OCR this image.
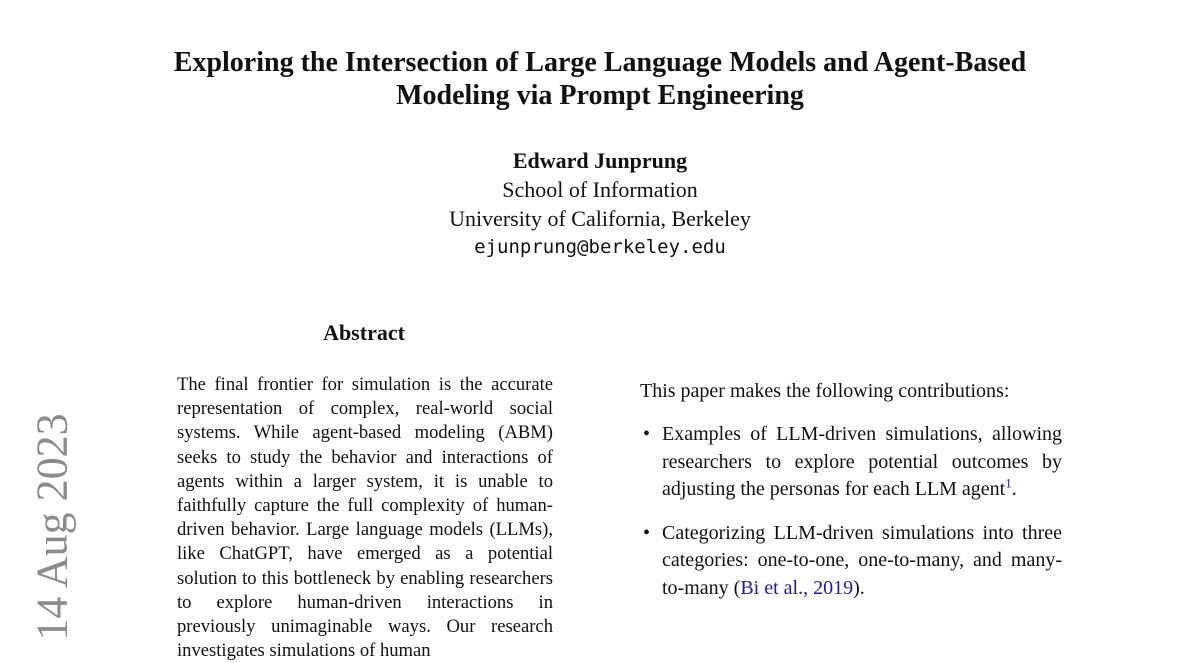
Exploring the Intersection of Large Language Models and Agent-Based Modeling via Prompt Engineering
Edward Junprung
School of Information
University of California, Berkeley
ejunprung@berkeley.edu
14 Aug 2023
Abstract

The final frontier for simulation is the accurate representation of complex, real-world social systems. While agent-based modeling (ABM) seeks to study the behavior and interactions of agents within a larger system, it is unable to faithfully capture the full complexity of human-driven behavior. Large language models (LLMs), like ChatGPT, have emerged as a potential solution to this bottleneck by enabling researchers to explore human-driven interactions in previously unimaginable ways. Our research investigates simulations of human

This paper makes the following contributions:

• Examples of LLM-driven simulations, allowing researchers to explore potential outcomes by adjusting the personas for each LLM agent$^1$.
• Categorizing LLM-driven simulations into three categories: one-to-one, one-to-many, and many-to-many (Bi et al., 2019).
